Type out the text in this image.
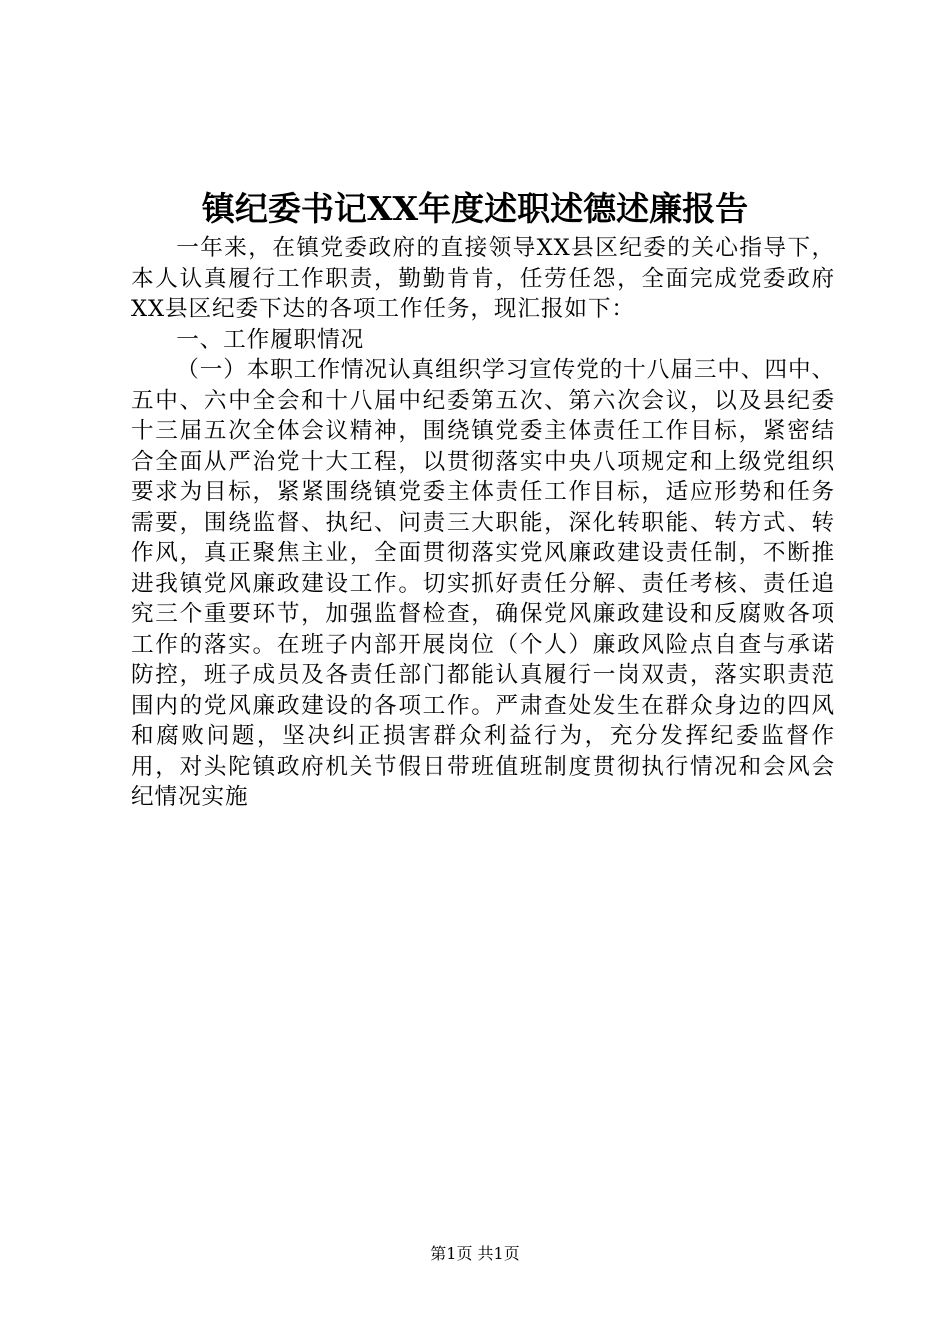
镇纪委书记XX年度述职述德述廉报告

一年来，在镇党委政府的直接领导XX县区纪委的关心指导下，本人认真履行工作职责，勤勤肯肯，任劳任怨，全面完成党委政府XX县区纪委下达的各项工作任务，现汇报如下：

一、工作履职情况

（一）本职工作情况认真组织学习宣传党的十八届三中、四中、五中、六中全会和十八届中纪委第五次、第六次会议，以及县纪委十三届五次全体会议精神，围绕镇党委主体责任工作目标，紧密结合全面从严治党十大工程，以贯彻落实中央八项规定和上级党组织要求为目标，紧紧围绕镇党委主体责任工作目标，适应形势和任务需要，围绕监督、执纪、问责三大职能，深化转职能、转方式、转作风，真正聚焦主业，全面贯彻落实党风廉政建设责任制，不断推进我镇党风廉政建设工作。切实抓好责任分解、责任考核、责任追究三个重要环节，加强监督检查，确保党风廉政建设和反腐败各项工作的落实。在班子内部开展岗位（个人）廉政风险点自查与承诺防控，班子成员及各责任部门都能认真履行一岗双责，落实职责范围内的党风廉政建设的各项工作。严肃查处发生在群众身边的四风和腐败问题，坚决纠正损害群众利益行为，充分发挥纪委监督作用，对头陀镇政府机关节假日带班值班制度贯彻执行情况和会风会纪情况实施

第1页 共1页
